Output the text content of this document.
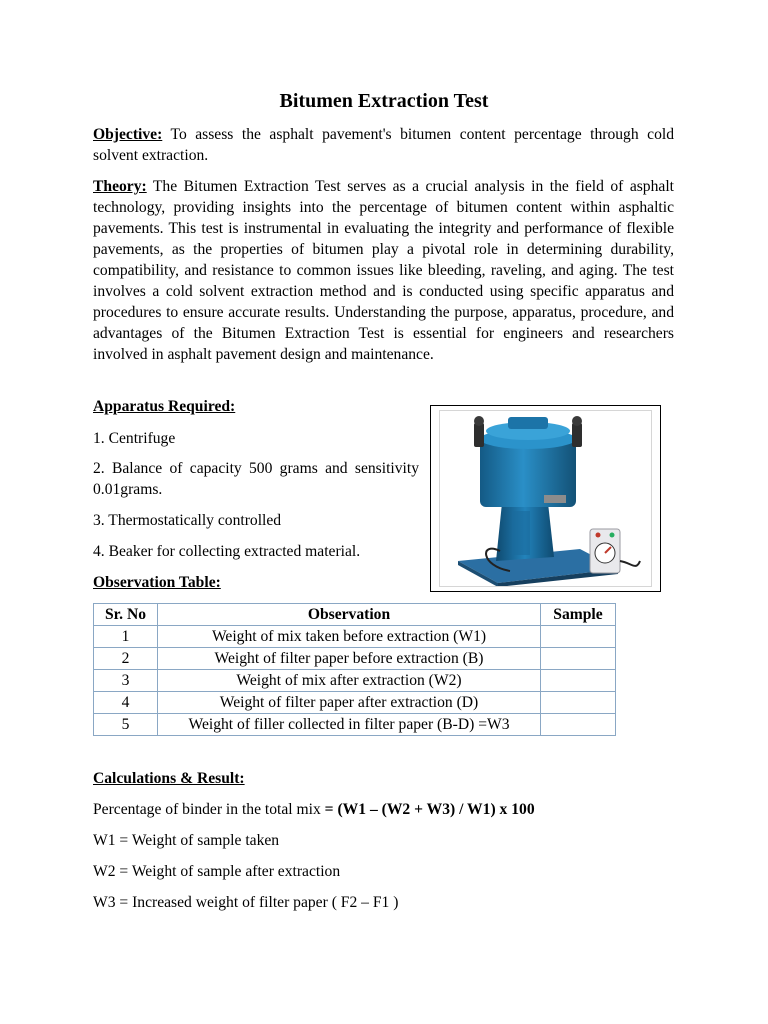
Bitumen Extraction Test

Objective: To assess the asphalt pavement's bitumen content percentage through cold solvent extraction.

Theory: The Bitumen Extraction Test serves as a crucial analysis in the field of asphalt technology, providing insights into the percentage of bitumen content within asphaltic pavements. This test is instrumental in evaluating the integrity and performance of flexible pavements, as the properties of bitumen play a pivotal role in determining durability, compatibility, and resistance to common issues like bleeding, raveling, and aging. The test involves a cold solvent extraction method and is conducted using specific apparatus and procedures to ensure accurate results. Understanding the purpose, apparatus, procedure, and advantages of the Bitumen Extraction Test is essential for engineers and researchers involved in asphalt pavement design and maintenance.

Apparatus Required:
1. Centrifuge

2. Balance of capacity 500 grams and sensitivity 0.01grams.

3. Thermostatically controlled
4. Beaker for collecting extracted material.
Observation Table:
Sr. No	Observation	Sample
1	Weight of mix taken before extraction (W1)	
2	Weight of filter paper before extraction (B)	
3	Weight of mix after extraction (W2)	
4	Weight of filter paper after extraction (D)	
5	Weight of filler collected in filter paper (B-D) =W3	
Calculations & Result:
Percentage of binder in the total mix = (W1 – (W2 + W3) / W1) x 100
W1 = Weight of sample taken
W2 = Weight of sample after extraction
W3 = Increased weight of filter paper ( F2 – F1 )
